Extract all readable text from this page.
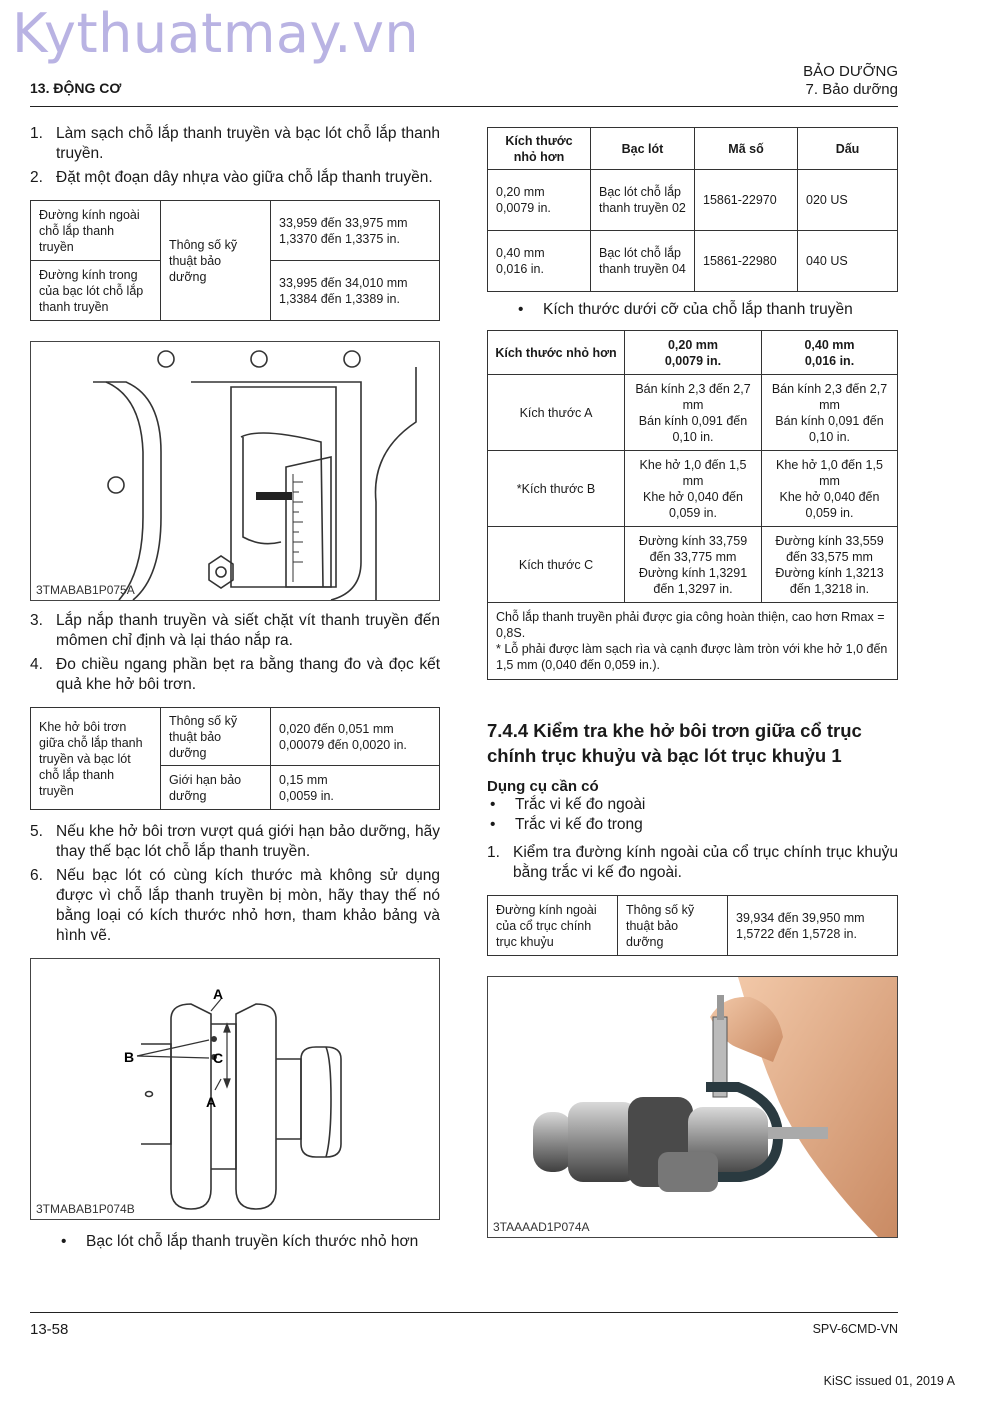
Kythuatmay.vn
13. ĐỘNG CƠ
BẢO DƯỠNG
7. Bảo dưỡng
1. Làm sạch chỗ lắp thanh truyền và bạc lót chỗ lắp thanh truyền.
2. Đặt một đoạn dây nhựa vào giữa chỗ lắp thanh truyền.
Đường kính ngoài chỗ lắp thanh truyền	Thông số kỹ thuật bảo dưỡng	33,959 đến 33,975 mm
1,3370 đến 1,3375 in.

Đường kính trong của bạc lót chỗ lắp thanh truyền		33,995 đến 34,010 mm
1,3384 đến 1,3389 in.
3TMABAB1P075A
3. Lắp nắp thanh truyền và siết chặt vít thanh truyền đến mômen chỉ định và lại tháo nắp ra.
4. Đo chiều ngang phần bẹt ra bằng thang đo và đọc kết quả khe hở bôi trơn.
Khe hở bôi trơn giữa chỗ lắp thanh truyền và bạc lót chỗ lắp thanh truyền	Thông số kỹ thuật bảo dưỡng	0,020 đến 0,051 mm
0,00079 đến 0,0020 in.

	Giới hạn bảo dưỡng	0,15 mm
0,0059 in.
5. Nếu khe hở bôi trơn vượt quá giới hạn bảo dưỡng, hãy thay thế bạc lót chỗ lắp thanh truyền.
6. Nếu bạc lót có cùng kích thước mà không sử dụng được vì chỗ lắp thanh truyền bị mòn, hãy thay thế nó bằng loại có kích thước nhỏ hơn, tham khảo bảng và hình vẽ.
A
B	C
A
3TMABAB1P074B
•	Bạc lót chỗ lắp thanh truyền kích thước nhỏ hơn
Kích thước nhỏ hơn	Bạc lót	Mã số	Dấu
0,20 mm
0,0079 in.	Bạc lót chỗ lắp thanh truyền 02	15861-22970	020 US
0,40 mm
0,016 in.	Bạc lót chỗ lắp thanh truyền 04	15861-22980	040 US
•	Kích thước dưới cỡ của chỗ lắp thanh truyền
Kích thước nhỏ hơn	0,20 mm
0,0079 in.	0,40 mm
0,016 in.
Kích thước A	Bán kính 2,3 đến 2,7 mm
Bán kính 0,091 đến 0,10 in.	Bán kính 2,3 đến 2,7 mm
Bán kính 0,091 đến 0,10 in.
*Kích thước B	Khe hở 1,0 đến 1,5 mm
Khe hở 0,040 đến 0,059 in.	Khe hở 1,0 đến 1,5 mm
Khe hở 0,040 đến 0,059 in.
Kích thước C	Đường kính 33,759 đến 33,775 mm
Đường kính 1,3291 đến 1,3297 in.	Đường kính 33,559 đến 33,575 mm
Đường kính 1,3213 đến 1,3218 in.

Chỗ lắp thanh truyền phải được gia công hoàn thiện, cao hơn Rmax = 0,8S.
* Lỗ phải được làm sạch rìa và cạnh được làm tròn với khe hở 1,0 đến 1,5 mm (0,040 đến 0,059 in.).		
7.4.4 Kiểm tra khe hở bôi trơn giữa cổ trục chính trục khuỷu và bạc lót trục khuỷu 1
Dụng cụ cần có
•	Trắc vi kế đo ngoài
•	Trắc vi kế đo trong
1. Kiểm tra đường kính ngoài của cổ trục chính trục khuỷu bằng trắc vi kế đo ngoài.
Đường kính ngoài của cổ trục chính trục khuỷu	Thông số kỹ thuật bảo dưỡng	
39,934 đến 39,950 mm
1,5722 đến 1,5728 in.
3TAAAAD1P074A
13-58	SPV-6CMD-VN
KiSC issued 01, 2019 A
